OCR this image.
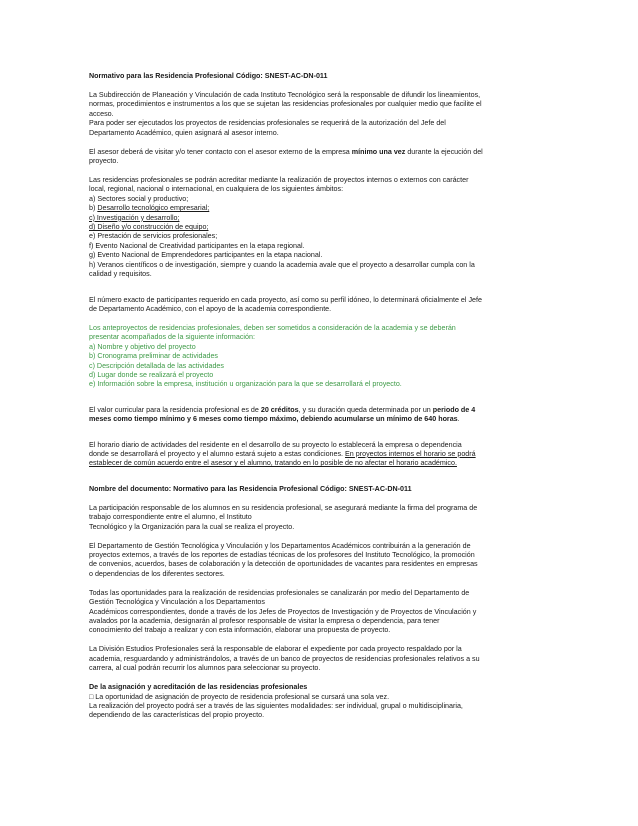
Normativo para las Residencia Profesional Código: SNEST-AC-DN-011

La Subdirección de Planeación y Vinculación de cada Instituto Tecnológico será la responsable de difundir los lineamientos,
normas, procedimientos e instrumentos a los que se sujetan las residencias profesionales por cualquier medio que facilite el
acceso.
Para poder ser ejecutados los proyectos de residencias profesionales se requerirá de la autorización del Jefe del
Departamento Académico, quien asignará al asesor interno.
El asesor deberá de visitar y/o tener contacto con el asesor externo de la empresa mínimo una vez durante la ejecución del
proyecto.
Las residencias profesionales se podrán acreditar mediante la realización de proyectos internos o externos con carácter
local, regional, nacional o internacional, en cualquiera de los siguientes ámbitos:
a) Sectores social y productivo;
b) Desarrollo tecnológico empresarial;
c) Investigación y desarrollo;
d) Diseño y/o construcción de equipo;
e) Prestación de servicios profesionales;
f) Evento Nacional de Creatividad participantes en la etapa regional.
g) Evento Nacional de Emprendedores participantes en la etapa nacional.
h) Veranos científicos o de investigación, siempre y cuando la academia avale que el proyecto a desarrollar cumpla con la
calidad y requisitos.
El número exacto de participantes requerido en cada proyecto, así como su perfil idóneo, lo determinará oficialmente el Jefe
de Departamento Académico, con el apoyo de la academia correspondiente.
Los anteproyectos de residencias profesionales, deben ser sometidos a consideración de la academia y se deberán
presentar acompañados de la siguiente información:
a) Nombre y objetivo del proyecto
b) Cronograma preliminar de actividades
c) Descripción detallada de las actividades
d) Lugar donde se realizará el proyecto
e) Información sobre la empresa, institución u organización para la que se desarrollará el proyecto.
El valor curricular para la residencia profesional es de 20 créditos, y su duración queda determinada por un periodo de 4
meses como tiempo mínimo y 6 meses como tiempo máximo, debiendo acumularse un mínimo de 640 horas.
El horario diario de actividades del residente en el desarrollo de su proyecto lo establecerá la empresa o dependencia
donde se desarrollará el proyecto y el alumno estará sujeto a estas condiciones. En proyectos internos el horario se podrá
establecer de común acuerdo entre el asesor y el alumno, tratando en lo posible de no afectar el horario académico.

Nombre del documento: Normativo para las Residencia Profesional Código: SNEST-AC-DN-011

La participación responsable de los alumnos en su residencia profesional, se asegurará mediante la firma del programa de
trabajo correspondiente entre el alumno, el Instituto
Tecnológico y la Organización para la cual se realiza el proyecto.
El Departamento de Gestión Tecnológica y Vinculación y los Departamentos Académicos contribuirán a la generación de
proyectos externos, a través de los reportes de estadías técnicas de los profesores del Instituto Tecnológico, la promoción
de convenios, acuerdos, bases de colaboración y la detección de oportunidades de vacantes para residentes en empresas
o dependencias de los diferentes sectores.
Todas las oportunidades para la realización de residencias profesionales se canalizarán por medio del Departamento de
Gestión Tecnológica y Vinculación a los Departamentos
Académicos correspondientes, donde a través de los Jefes de Proyectos de Investigación y de Proyectos de Vinculación y
avalados por la academia, designarán al profesor responsable de visitar la empresa o dependencia, para tener
conocimiento del trabajo a realizar y con esta información, elaborar una propuesta de proyecto.
La División Estudios Profesionales será la responsable de elaborar el expediente por cada proyecto respaldado por la
academia, resguardando y administrándolos, a través de un banco de proyectos de residencias profesionales relativos a su
carrera, al cual podrán recurrir los alumnos para seleccionar su proyecto.

De la asignación y acreditación de las residencias profesionales

□ La oportunidad de asignación de proyecto de residencia profesional se cursará una sola vez.
La realización del proyecto podrá ser a través de las siguientes modalidades: ser individual, grupal o multidisciplinaria,
dependiendo de las características del propio proyecto.
